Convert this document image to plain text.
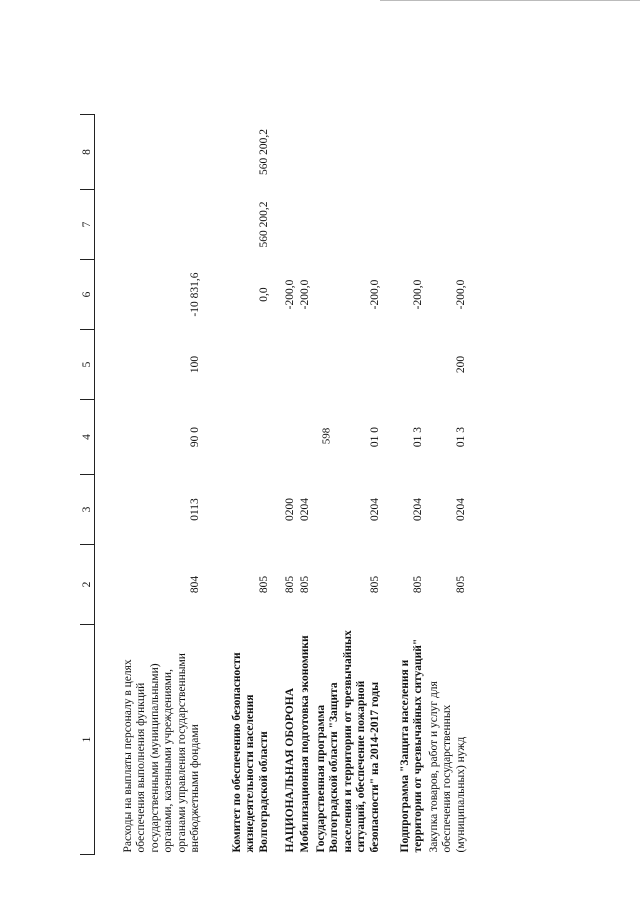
598
1	2	3	4	5	6	7	8

Расходы на выплаты персоналу в целях обеспечения выполнения функций государственными (муниципальными) органами, казенными учреждениями, органами управления государственными внебюджетными фондами	804	0113	90 0	100	-10 831,6		

Комитет по обеспечению безопасности жизнедеятельности населения Волгоградской области	805				0,0	560 200,2	560 200,2

НАЦИОНАЛЬНАЯ ОБОРОНА	805	0200			-200,0		
Мобилизационная подготовка экономики	805	0204			-200,0		
Государственная программа Волгоградской области "Защита населения и территории от чрезвычайных ситуаций, обеспечение пожарной безопасности" на 2014-2017 годы	805	0204	01 0		-200,0		

Подпрограмма "Защита населения и территории от чрезвычайных ситуаций"	805	0204	01 3		-200,0		
Закупка товаров, работ и услуг для обеспечения государственных (муниципальных) нужд	805	0204	01 3	200	-200,0		
